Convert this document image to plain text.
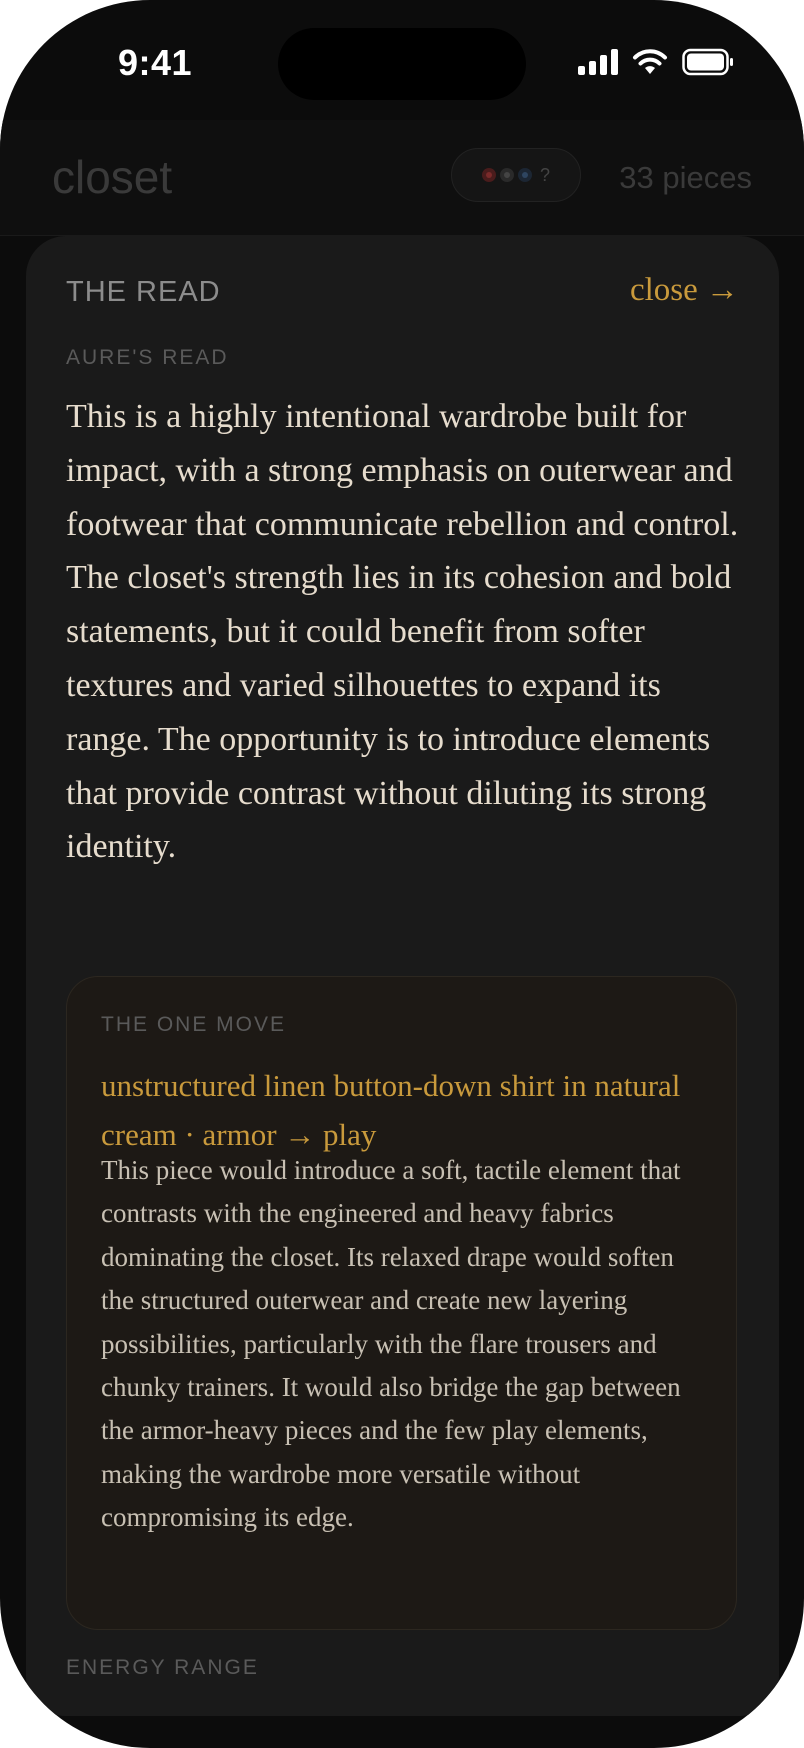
9:41
closet	? 33 pieces
THE READ	close →
AURE'S READ
This is a highly intentional wardrobe built for impact, with a strong emphasis on outerwear and footwear that communicate rebellion and control. The closet's strength lies in its cohesion and bold statements, but it could benefit from softer textures and varied silhouettes to expand its range. The opportunity is to introduce elements that provide contrast without diluting its strong identity.
THE ONE MOVE
unstructured linen button-down shirt in natural cream · armor → play
This piece would introduce a soft, tactile element that contrasts with the engineered and heavy fabrics dominating the closet. Its relaxed drape would soften the structured outerwear and create new layering possibilities, particularly with the flare trousers and chunky trainers. It would also bridge the gap between the armor-heavy pieces and the few play elements, making the wardrobe more versatile without compromising its edge.
ENERGY RANGE
